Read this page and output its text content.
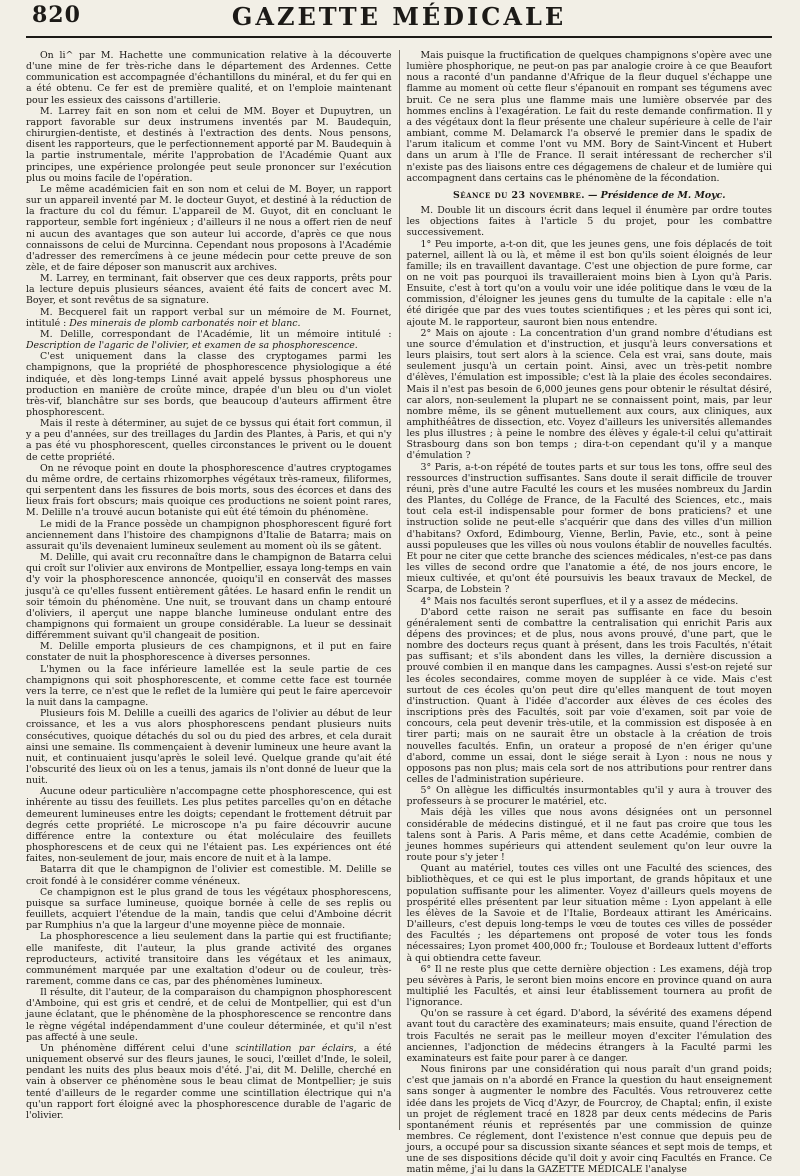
820	GAZETTE MÉDICALE

On li^ par M. Hachette une communication relative à la découverte d'une mine de fer très-riche dans le département des Ardennes. Cette communication est accompagnée d'échantillons du minéral, et du fer qui en a été obtenu. Ce fer est de première qualité, et on l'emploie maintenant pour les essieux des caissons d'artillerie.

M. Larrey fait en son nom et celui de MM. Boyer et Dupuytren, un rapport favorable sur deux instrumens inventés par M. Baudequin, chirurgien-dentiste, et destinés à l'extraction des dents. Nous pensons, disent les rapporteurs, que le perfectionnement apporté par M. Baudequin à la partie instrumentale, mérite l'approbation de l'Académie Quant aux principes, une expérience prolongée peut seule prononcer sur l'exécution plus ou moins facile de l'opération.

Le même académicien fait en son nom et celui de M. Boyer, un rapport sur un appareil inventé par M. le docteur Guyot, et destiné à la réduction de la fracture du col du fémur. L'appareil de M. Guyot, dit en concluant le rapporteur, semble fort ingénieux ; d'ailleurs il ne nous a offert rien de neuf ni aucun des avantages que son auteur lui accorde, d'après ce que nous connaissons de celui de Murcinna. Cependant nous proposons à l'Académie d'adresser des remercîmens à ce jeune médecin pour cette preuve de son zèle, et de faire déposer son manuscrit aux archives.

M. Larrey, en terminant, fait observer que ces deux rapports, prêts pour la lecture depuis plusieurs séances, avaient été faits de concert avec M. Boyer, et sont revêtus de sa signature.

M. Becquerel fait un rapport verbal sur un mémoire de M. Fournet, intitulé : Des minerais de plomb carbonatés noir et blanc.

M. Delille, correspondant de l'Académie, lit un mémoire intitulé : Description de l'agaric de l'olivier, et examen de sa phosphorescence.

C'est uniquement dans la classe des cryptogames parmi les champignons, que la propriété de phosphorescence physiologique a été indiquée, et dès long-temps Linné avait appelé byssus phosphoreus une production en manière de croûte mince, drapée d'un bleu ou d'un violet très-vif, blanchâtre sur ses bords, que beaucoup d'auteurs affirment être phosphorescent.

Mais il reste à déterminer, au sujet de ce byssus qui était fort commun, il y a peu d'années, sur des treillages du Jardin des Plantes, à Paris, et qui n'y a pas été vu phosphorescent, quelles circonstances le privent ou le douent de cette propriété.

On ne révoque point en doute la phosphorescence d'autres cryptogames du même ordre, de certains rhizomorphes végétaux très-rameux, filiformes, qui serpentent dans les fissures de bois morts, sous des écorces et dans des lieux frais fort obscurs; mais quoique ces productions ne soient point rares, M. Delille n'a trouvé aucun botaniste qui eût été témoin du phénomène.

Le midi de la France possède un champignon phosphorescent figuré fort anciennement dans l'histoire des champignons d'Italie de Batarra; mais on assurait qu'ils devenaient lumineux seulement au moment où ils se gâtent.

M. Delille, qui avait cru reconnaître dans le champignon de Batarra celui qui croît sur l'olivier aux environs de Montpellier, essaya long-temps en vain d'y voir la phosphorescence annoncée, quoiqu'il en conservât des masses jusqu'à ce qu'elles fussent entièrement gâtées. Le hasard enfin le rendit un soir témoin du phénomène. Une nuit, se trouvant dans un champ entouré d'oliviers, il aperçut une nappe blanche lumineuse ondulant entre des champignons qui formaient un groupe considérable. La lueur se dessinait différemment suivant qu'il changeait de position.

M. Delille emporta plusieurs de ces champignons, et il put en faire constater de nuit la phosphorescence à diverses personnes.

L'hymen ou la face inférieure lamellée est la seule partie de ces champignons qui soit phosphorescente, et comme cette face est tournée vers la terre, ce n'est que le reflet de la lumière qui peut le faire apercevoir la nuit dans la campagne.

Plusieurs fois M. Delille a cueilli des agarics de l'olivier au début de leur croissance, et les a vus alors phosphorescens pendant plusieurs nuits consécutives, quoique détachés du sol ou du pied des arbres, et cela durait ainsi une semaine. Ils commençaient à devenir lumineux une heure avant la nuit, et continuaient jusqu'après le soleil levé. Quelque grande qu'ait été l'obscurité des lieux où on les a tenus, jamais ils n'ont donné de lueur que la nuit.

Aucune odeur particulière n'accompagne cette phosphorescence, qui est inhérente au tissu des feuillets. Les plus petites parcelles qu'on en détache demeurent lumineuses entre les doigts; cependant le frottement détruit par degrés cette propriété. Le microscope n'a pu faire découvrir aucune différence entre la contexture ou état moléculaire des feuillets phosphorescens et de ceux qui ne l'étaient pas. Les expériences ont été faites, non-seulement de jour, mais encore de nuit et à la lampe.

Batarra dit que le champignon de l'olivier est comestible. M. Delille se croit fondé à le considérer comme vénéneux.

Ce champignon est le plus grand de tous les végétaux phosphorescens, puisque sa surface lumineuse, quoique bornée à celle de ses replis ou feuillets, acquiert l'étendue de la main, tandis que celui d'Amboine décrit par Rumphius n'a que la largeur d'une moyenne pièce de monnaie.

La phosphorescence a lieu seulement dans la partie qui est fructifiante; elle manifeste, dit l'auteur, la plus grande activité des organes reproducteurs, activité transitoire dans les végétaux et les animaux, communément marquée par une exaltation d'odeur ou de couleur, très-rarement, comme dans ce cas, par des phénomènes lumineux.

Il résulte, dit l'auteur, de la comparaison du champignon phosphorescent d'Amboine, qui est gris et cendré, et de celui de Montpellier, qui est d'un jaune éclatant, que le phénomène de la phosphorescence se rencontre dans le règne végétal indépendamment d'une couleur déterminée, et qu'il n'est pas affecté à une seule.

Un phénomène différent celui d'une scintillation par éclairs, a été uniquement observé sur des fleurs jaunes, le souci, l'œillet d'Inde, le soleil, pendant les nuits des plus beaux mois d'été. J'ai, dit M. Delille, cherché en vain à observer ce phénomène sous le beau climat de Montpellier; je suis tenté d'ailleurs de le regarder comme une scintillation électrique qui n'a qu'un rapport fort éloigné avec la phosphorescence durable de l'agaric de l'olivier.

Mais puisque la fructification de quelques champignons s'opère avec une lumière phosphorique, ne peut-on pas par analogie croire à ce que Beaufort nous a raconté d'un pandanne d'Afrique de la fleur duquel s'échappe une flamme au moment où cette fleur s'épanouit en rompant ses tégumens avec bruit. Ce ne sera plus une flamme mais une lumière observée par des hommes enclins à l'exagération. Le fait du reste demande confirmation. Il y a des végétaux dont la fleur présente une chaleur supérieure à celle de l'air ambiant, comme M. Delamarck l'a observé le premier dans le spadix de l'arum italicum et comme l'ont vu MM. Bory de Saint-Vincent et Hubert dans un arum à l'Ile de France. Il serait intéressant de rechercher s'il n'existe pas des liaisons entre ces dégagemens de chaleur et de lumière qui accompagnent dans certains cas le phénomène de la fécondation.

Séance du 23 novembre. — Présidence de M. Moyc.

M. Double lit un discours écrit dans lequel il énumère par ordre toutes les objections faites à l'article 5 du projet, pour les combattre successivement.

1° Peu importe, a-t-on dit, que les jeunes gens, une fois déplacés de toit paternel, aillent là ou là, et même il est bon qu'ils soient éloignés de leur famille; ils en travaillent davantage. C'est une objection de pure forme, car on ne voit pas pourquoi ils travailleraient moins bien à Lyon qu'à Paris. Ensuite, c'est à tort qu'on a voulu voir une idée politique dans le vœu de la commission, d'éloigner les jeunes gens du tumulte de la capitale : elle n'a été dirigée que par des vues toutes scientifiques ; et les pères qui sont ici, ajoute M. le rapporteur, sauront bien nous entendre.

2° Mais on ajoute : La concentration d'un grand nombre d'étudians est une source d'émulation et d'instruction, et jusqu'à leurs conversations et leurs plaisirs, tout sert alors à la science. Cela est vrai, sans doute, mais seulement jusqu'à un certain point. Ainsi, avec un très-petit nombre d'élèves, l'émulation est impossible; c'est là la plaie des écoles secondaires. Mais il n'est pas besoin de 6,000 jeunes gens pour obtenir le résultat désiré, car alors, non-seulement la plupart ne se connaissent point, mais, par leur nombre même, ils se gênent mutuellement aux cours, aux cliniques, aux amphithéâtres de dissection, etc. Voyez d'ailleurs les universités allemandes les plus illustres ; à peine le nombre des élèves y égale-t-il celui qu'attirait Strasbourg dans son bon temps ; dira-t-on cependant qu'il y a manque d'émulation ?

3° Paris, a-t-on répété de toutes parts et sur tous les tons, offre seul des ressources d'instruction suffisantes. Sans doute il serait difficile de trouver réuni, près d'une autre Faculté les cours et les musées nombreux du Jardin des Plantes, du Collége de France, de la Faculté des Sciences, etc., mais tout cela est-il indispensable pour former de bons praticiens? et une instruction solide ne peut-elle s'acquérir que dans des villes d'un million d'habitans? Oxford, Edimbourg, Vienne, Berlin, Pavie, etc., sont à peine aussi populeuses que les villes où nous voulons établir de nouvelles facultés. Et pour ne citer que cette branche des sciences médicales, n'est-ce pas dans les villes de second ordre que l'anatomie a été, de nos jours encore, le mieux cultivée, et qu'ont été poursuivis les beaux travaux de Meckel, de Scarpa, de Lobstein ?

4° Mais nos facultés seront superflues, et il y a assez de médecins.

D'abord cette raison ne serait pas suffisante en face du besoin généralement senti de combattre la centralisation qui enrichit Paris aux dépens des provinces; et de plus, nous avons prouvé, d'une part, que le nombre des docteurs reçus quant à présent, dans les trois Facultés, n'était pas suffisant; et s'ils abondent dans les villes, la dernière discussion a prouvé combien il en manque dans les campagnes. Aussi s'est-on rejeté sur les écoles secondaires, comme moyen de suppléer à ce vide. Mais c'est surtout de ces écoles qu'on peut dire qu'elles manquent de tout moyen d'instruction. Quant à l'idée d'accorder aux élèves de ces écoles des inscriptions près des Facultés, soit par voie d'examen, soit par voie de concours, cela peut devenir très-utile, et la commission est disposée à en tirer parti; mais on ne saurait être un obstacle à la création de trois nouvelles facultés. Enfin, un orateur a proposé de n'en ériger qu'une d'abord, comme un essai, dont le siége serait à Lyon : nous ne nous y opposons pas non plus; mais cela sort de nos attributions pour rentrer dans celles de l'administration supérieure.

5° On allègue les difficultés insurmontables qu'il y aura à trouver des professeurs à se procurer le matériel, etc.

Mais déjà les villes que nous avons désignées ont un personnel considérable de médecins distingué, et il ne faut pas croire que tous les talens sont à Paris. A Paris même, et dans cette Académie, combien de jeunes hommes supérieurs qui attendent seulement qu'on leur ouvre la route pour s'y jeter !

Quant au matériel, toutes ces villes ont une Faculté des sciences, des bibliothèques, et ce qui est le plus important, de grands hôpitaux et une population suffisante pour les alimenter. Voyez d'ailleurs quels moyens de prospérité elles présentent par leur situation même : Lyon appelant à elle les élèves de la Savoie et de l'Italie, Bordeaux attirant les Américains. D'ailleurs, c'est depuis long-temps le vœu de toutes ces villes de posséder des Facultés ; les départemens ont proposé de voter tous les fonds nécessaires; Lyon promet 400,000 fr.; Toulouse et Bordeaux luttent d'efforts à qui obtiendra cette faveur.

6° Il ne reste plus que cette dernière objection : Les examens, déjà trop peu sévères à Paris, le seront bien moins encore en province quand on aura multiplié les Facultés, et ainsi leur établissement tournera au profit de l'ignorance.

Qu'on se rassure à cet égard. D'abord, la sévérité des examens dépend avant tout du caractère des examinateurs; mais ensuite, quand l'érection de trois Facultés ne serait pas le meilleur moyen d'exciter l'émulation des anciennes, l'adjonction de médecins étrangers à la Faculté parmi les examinateurs est faite pour parer à ce danger.

Nous finirons par une considération qui nous paraît d'un grand poids; c'est que jamais on n'a abordé en France la question du haut enseignement sans songer à augmenter le nombre des Facultés. Vous retrouverez cette idée dans les projets de Vicq d'Azyr, de Fourcroy, de Chaptal; enfin, il existe un projet de réglement tracé en 1828 par deux cents médecins de Paris spontanément réunis et représentés par une commission de quinze membres. Ce réglement, dont l'existence n'est connue que depuis peu de jours, a occupé pour sa discussion sixante séances et sept mois de temps, et une de ses dispositions décide qu'il doit y avoir cinq Facultés en France. Ce matin même, j'ai lu dans la GAZETTE MÉDICALE l'analyse
